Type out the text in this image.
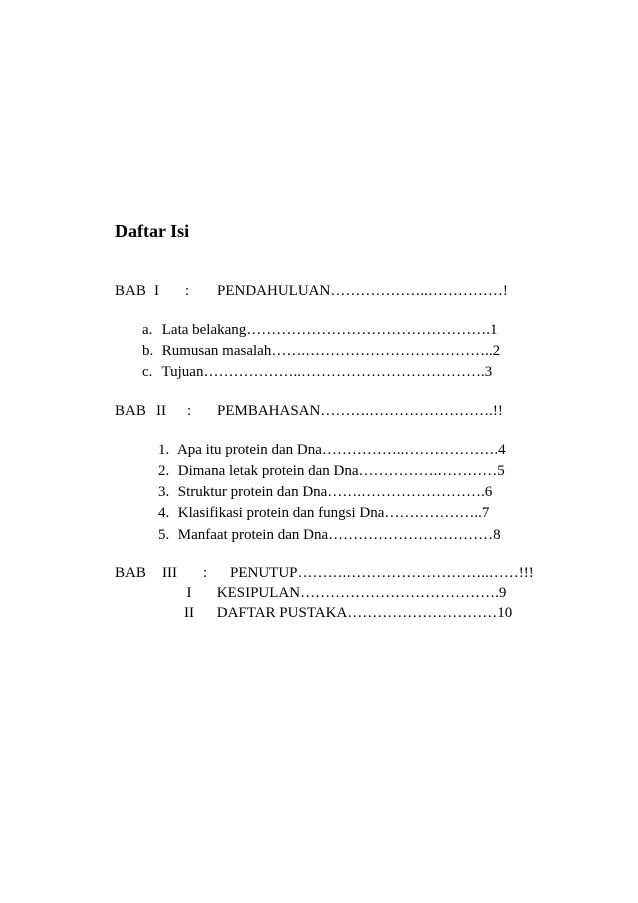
Daftar Isi
BAB I : PENDAHULUAN………………..……………!
a. Lata belakang………………………………………….1
b. Rumusan masalah…….………………………………..2
c. Tujuan………………..……………………………….3
BAB II : PEMBAHASAN……….…………………….!!
1. Apa itu protein dan Dna……………..……………….4
2. Dimana letak protein dan Dna…………….…………5
3. Struktur protein dan Dna…….…………………….6
4. Klasifikasi protein dan fungsi Dna………………..7
5. Manfaat protein dan Dna……………………………8
BAB III : PENUTUP……….………………………..……!!!
I KESIPULAN………………………………….9
II DAFTAR PUSTAKA…………………………10
